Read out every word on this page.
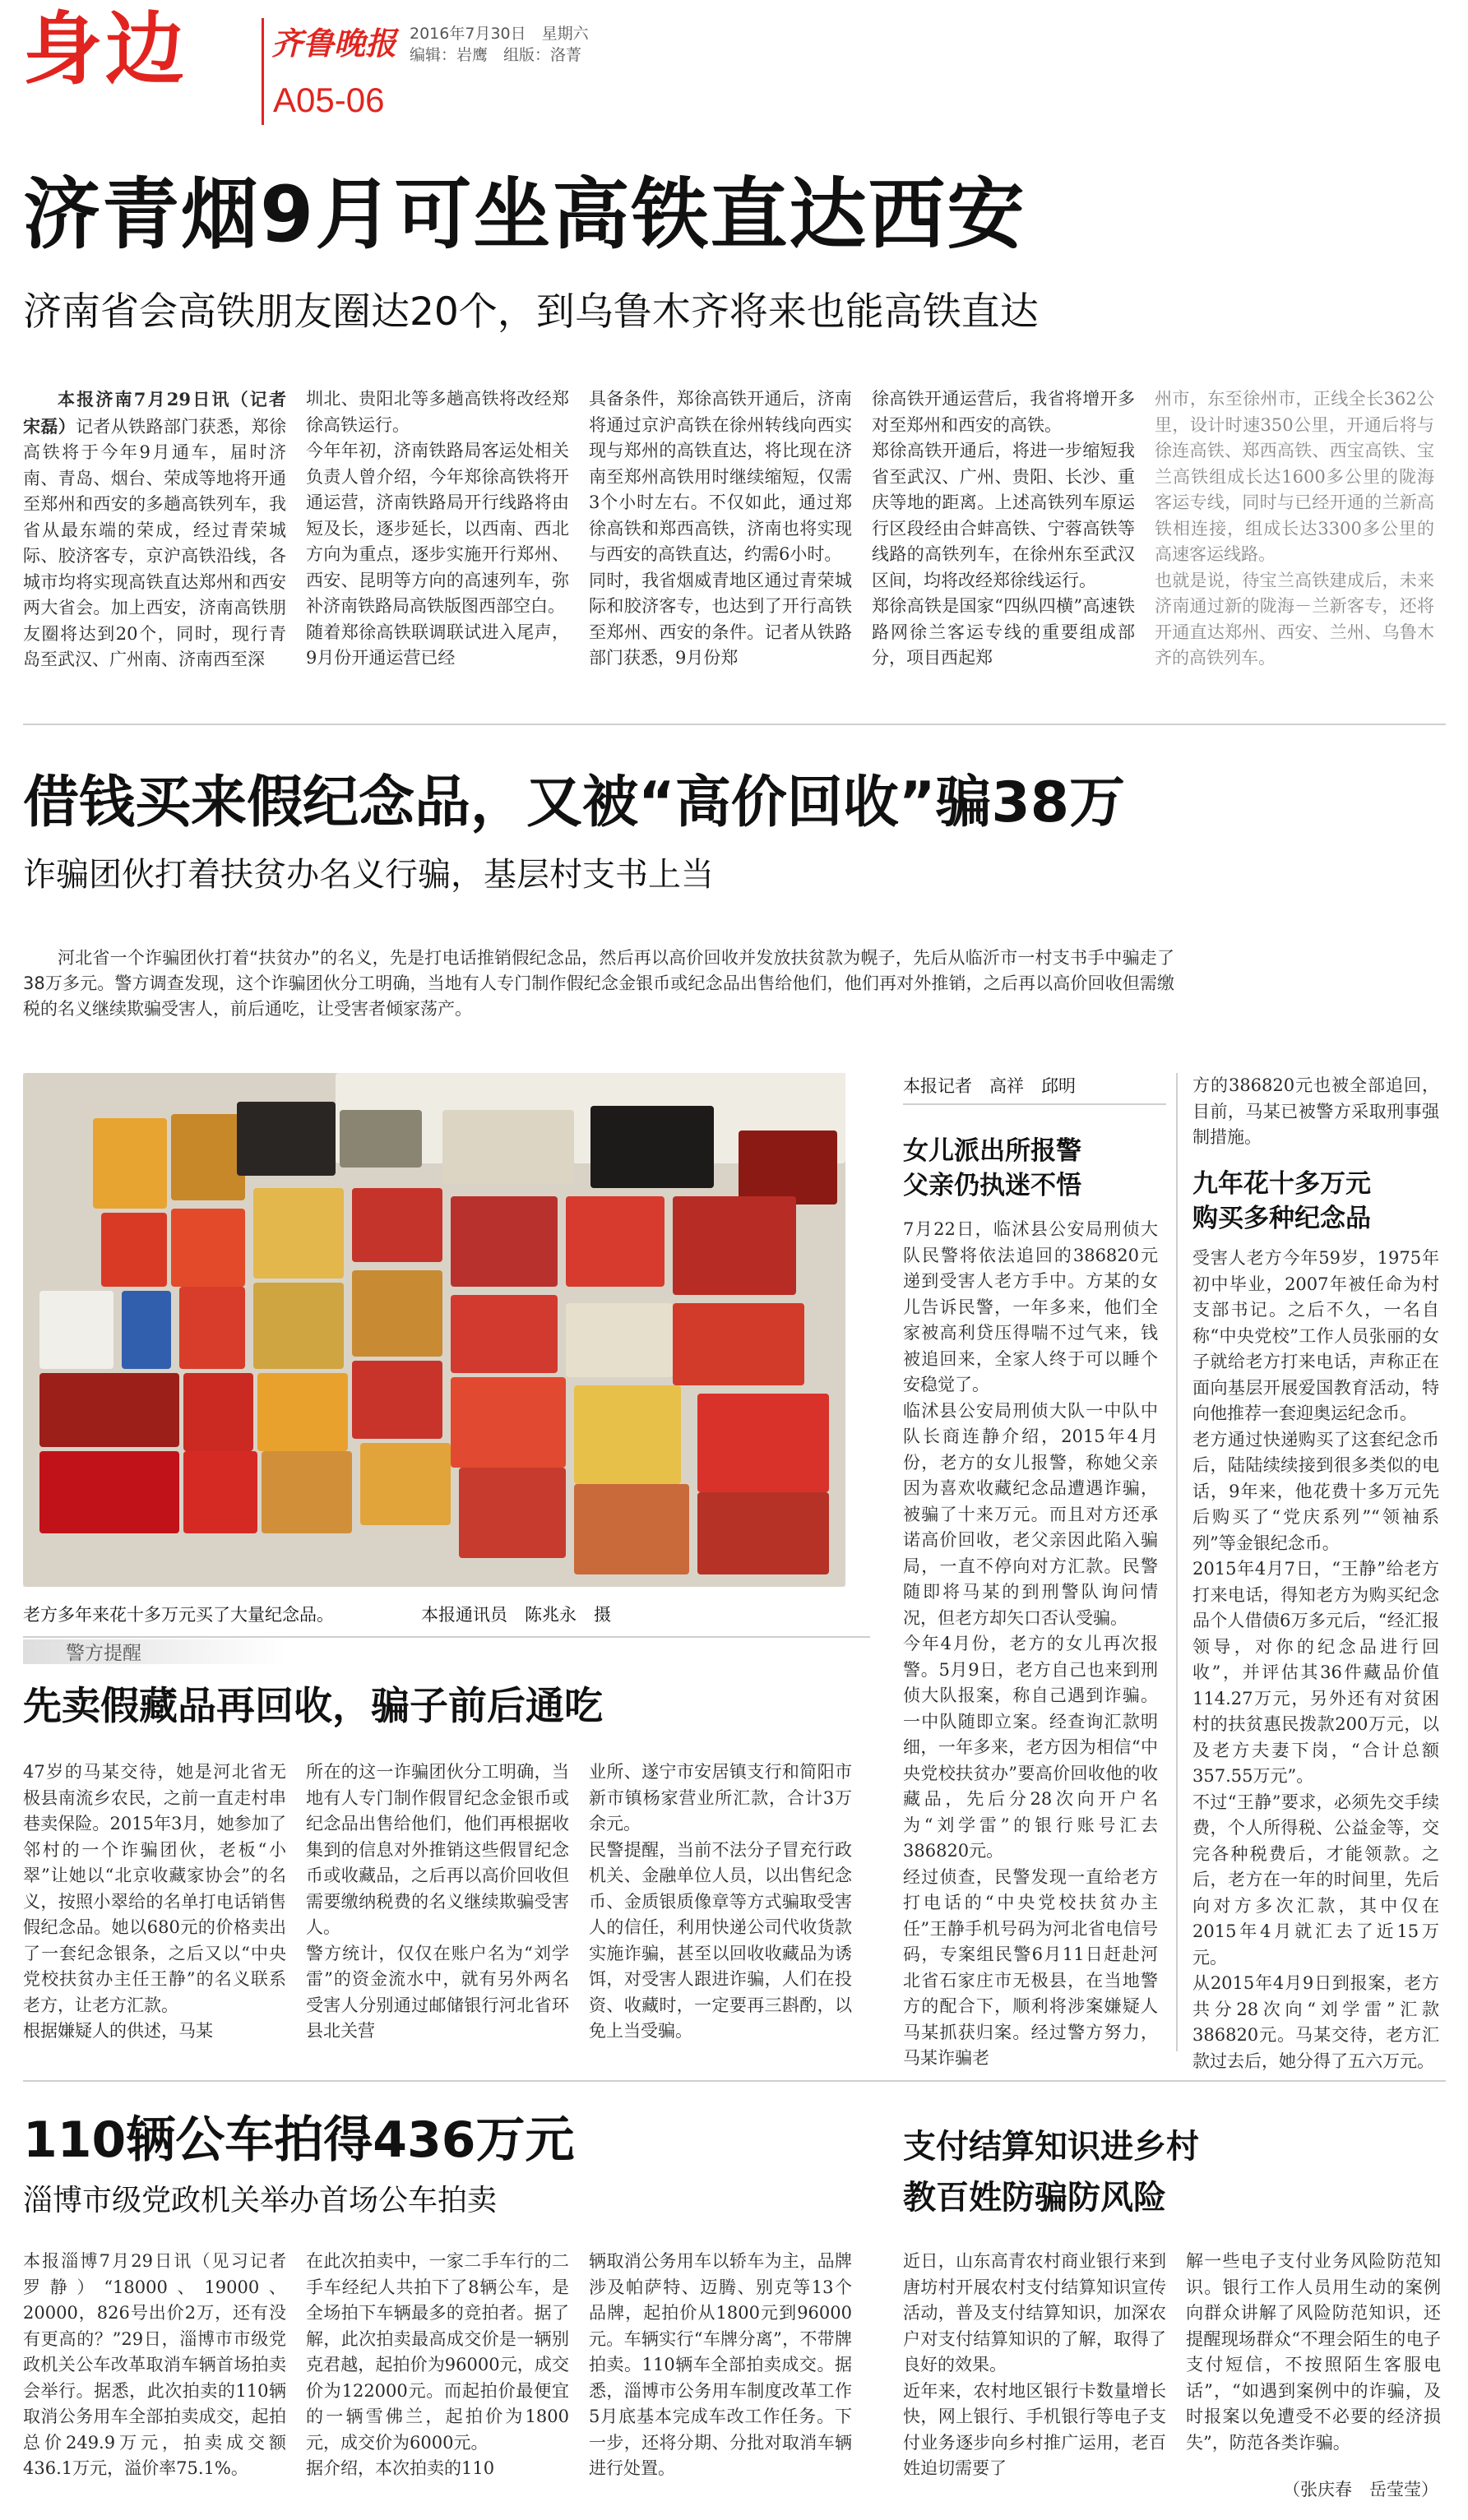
身边	齐鲁晚报
A05-06
2016年7月30日　星期六
编辑：岩鹰　组版：洛菁
济青烟9月可坐高铁直达西安
济南省会高铁朋友圈达20个，到乌鲁木齐将来也能高铁直达

本报济南7月29日讯（记者 宋磊）记者从铁路部门获悉，郑徐高铁将于今年9月通车，届时济南、青岛、烟台、荣成等地将开通至郑州和西安的多趟高铁列车，我省从最东端的荣成，经过青荣城际、胶济客专，京沪高铁沿线，各城市均将实现高铁直达郑州和西安两大省会。加上西安，济南高铁朋友圈将达到20个，同时，现行青岛至武汉、广州南、济南西至深

圳北、贵阳北等多趟高铁将改经郑徐高铁运行。
今年年初，济南铁路局客运处相关负责人曾介绍，今年郑徐高铁将开通运营，济南铁路局开行线路将由短及长，逐步延长，以西南、西北方向为重点，逐步实施开行郑州、西安、昆明等方向的高速列车，弥补济南铁路局高铁版图西部空白。
随着郑徐高铁联调联试进入尾声，9月份开通运营已经
具备条件，郑徐高铁开通后，济南将通过京沪高铁在徐州转线向西实现与郑州的高铁直达，将比现在济南至郑州高铁用时继续缩短，仅需3个小时左右。不仅如此，通过郑徐高铁和郑西高铁，济南也将实现与西安的高铁直达，约需6小时。
同时，我省烟威青地区通过青荣城际和胶济客专，也达到了开行高铁至郑州、西安的条件。记者从铁路部门获悉，9月份郑
徐高铁开通运营后，我省将增开多对至郑州和西安的高铁。
郑徐高铁开通后，将进一步缩短我省至武汉、广州、贵阳、长沙、重庆等地的距离。上述高铁列车原运行区段经由合蚌高铁、宁蓉高铁等线路的高铁列车，在徐州东至武汉区间，均将改经郑徐线运行。
郑徐高铁是国家“四纵四横”高速铁路网徐兰客运专线的重要组成部分，项目西起郑
州市，东至徐州市，正线全长362公里，设计时速350公里，开通后将与徐连高铁、郑西高铁、西宝高铁、宝兰高铁组成长达1600多公里的陇海客运专线，同时与已经开通的兰新高铁相连接，组成长达3300多公里的高速客运线路。
也就是说，待宝兰高铁建成后，未来济南通过新的陇海－兰新客专，还将开通直达郑州、西安、兰州、乌鲁木齐的高铁列车。
借钱买来假纪念品，又被“高价回收”骗38万
诈骗团伙打着扶贫办名义行骗，基层村支书上当

河北省一个诈骗团伙打着“扶贫办”的名义，先是打电话推销假纪念品，然后再以高价回收并发放扶贫款为幌子，先后从临沂市一村支书手中骗走了38万多元。警方调查发现，这个诈骗团伙分工明确，当地有人专门制作假纪念金银币或纪念品出售给他们，他们再对外推销，之后再以高价回收但需缴税的名义继续欺骗受害人，前后通吃，让受害者倾家荡产。

老方多年来花十多万元买了大量纪念品。	本报通讯员　陈兆永　摄
本报记者　高祥　邱明
女儿派出所报警
父亲仍执迷不悟
7月22日，临沭县公安局刑侦大队民警将依法追回的386820元递到受害人老方手中。方某的女儿告诉民警，一年多来，他们全家被高利贷压得喘不过气来，钱被追回来，全家人终于可以睡个安稳觉了。
临沭县公安局刑侦大队一中队中队长商连静介绍，2015年4月份，老方的女儿报警，称她父亲因为喜欢收藏纪念品遭遇诈骗，被骗了十来万元。而且对方还承诺高价回收，老父亲因此陷入骗局，一直不停向对方汇款。民警随即将马某的到刑警队询问情况，但老方却矢口否认受骗。
今年4月份，老方的女儿再次报警。5月9日，老方自己也来到刑侦大队报案，称自己遇到诈骗。一中队随即立案。经查询汇款明细，一年多来，老方因为相信“中央党校扶贫办”要高价回收他的收藏品，先后分28次向开户名为“刘学雷”的银行账号汇去386820元。
经过侦查，民警发现一直给老方打电话的“中央党校扶贫办主任”王静手机号码为河北省电信号码，专案组民警6月11日赶赴河北省石家庄市无极县，在当地警方的配合下，顺利将涉案嫌疑人马某抓获归案。经过警方努力，马某诈骗老

方的386820元也被全部追回，目前，马某已被警方采取刑事强制措施。

九年花十多万元
购买多种纪念品
受害人老方今年59岁，1975年初中毕业，2007年被任命为村支部书记。之后不久，一名自称“中央党校”工作人员张丽的女子就给老方打来电话，声称正在面向基层开展爱国教育活动，特向他推荐一套迎奥运纪念币。
老方通过快递购买了这套纪念币后，陆陆续续接到很多类似的电话，9年来，他花费十多万元先后购买了“党庆系列”“领袖系列”等金银纪念币。
2015年4月7日，“王静”给老方打来电话，得知老方为购买纪念品个人借债6万多元后，“经汇报领导，对你的纪念品进行回收”，并评估其36件藏品价值114.27万元，另外还有对贫困村的扶贫惠民拨款200万元，以及老方夫妻下岗，“合计总额357.55万元”。
不过“王静”要求，必须先交手续费，个人所得税、公益金等，交完各种税费后，才能领款。之后，老方在一年的时间里，先后向对方多次汇款，其中仅在2015年4月就汇去了近15万元。
从2015年4月9日到报案，老方共分28次向“刘学雷”汇款386820元。马某交待，老方汇款过去后，她分得了五六万元。
警方提醒
先卖假藏品再回收，骗子前后通吃
47岁的马某交待，她是河北省无极县南流乡农民，之前一直走村串巷卖保险。2015年3月，她参加了邻村的一个诈骗团伙，老板“小翠”让她以“北京收藏家协会”的名义，按照小翠给的名单打电话销售假纪念品。她以680元的价格卖出了一套纪念银条，之后又以“中央党校扶贫办主任王静”的名义联系老方，让老方汇款。
根据嫌疑人的供述，马某
所在的这一诈骗团伙分工明确，当地有人专门制作假冒纪念金银币或纪念品出售给他们，他们再根据收集到的信息对外推销这些假冒纪念币或收藏品，之后再以高价回收但需要缴纳税费的名义继续欺骗受害人。
警方统计，仅仅在账户名为“刘学雷”的资金流水中，就有另外两名受害人分别通过邮储银行河北省环县北关营
业所、遂宁市安居镇支行和简阳市新市镇杨家营业所汇款，合计3万余元。
民警提醒，当前不法分子冒充行政机关、金融单位人员，以出售纪念币、金质银质像章等方式骗取受害人的信任，利用快递公司代收货款实施诈骗，甚至以回收收藏品为诱饵，对受害人跟进诈骗，人们在投资、收藏时，一定要再三斟酌，以免上当受骗。
110辆公车拍得436万元
淄博市级党政机关举办首场公车拍卖
本报淄博7月29日讯（见习记者　罗静）“18000、19000、20000，826号出价2万，还有没有更高的？”29日，淄博市市级党政机关公车改革取消车辆首场拍卖会举行。据悉，此次拍卖的110辆取消公务用车全部拍卖成交，起拍总价249.9万元，拍卖成交额436.1万元，溢价率75.1%。
在此次拍卖中，一家二手车行的二手车经纪人共拍下了8辆公车，是全场拍下车辆最多的竞拍者。据了解，此次拍卖最高成交价是一辆别克君越，起拍价为96000元，成交价为122000元。而起拍价最便宜的一辆雪佛兰，起拍价为1800元，成交价为6000元。
据介绍，本次拍卖的110
辆取消公务用车以轿车为主，品牌涉及帕萨特、迈腾、别克等13个品牌，起拍价从1800元到96000元。车辆实行“车牌分离”，不带牌拍卖。110辆车全部拍卖成交。据悉，淄博市公务用车制度改革工作5月底基本完成车改工作任务。下一步，还将分期、分批对取消车辆进行处置。
支付结算知识进乡村
教百姓防骗防风险
近日，山东高青农村商业银行来到唐坊村开展农村支付结算知识宣传活动，普及支付结算知识，加深农户对支付结算知识的了解，取得了良好的效果。
近年来，农村地区银行卡数量增长快，网上银行、手机银行等电子支付业务逐步向乡村推广运用，老百姓迫切需要了
解一些电子支付业务风险防范知识。银行工作人员用生动的案例向群众讲解了风险防范知识，还提醒现场群众“不理会陌生的电子支付短信，不按照陌生客服电话”，“如遇到案例中的诈骗，及时报案以免遭受不必要的经济损失”，防范各类诈骗。
（张庆春　岳莹莹）
